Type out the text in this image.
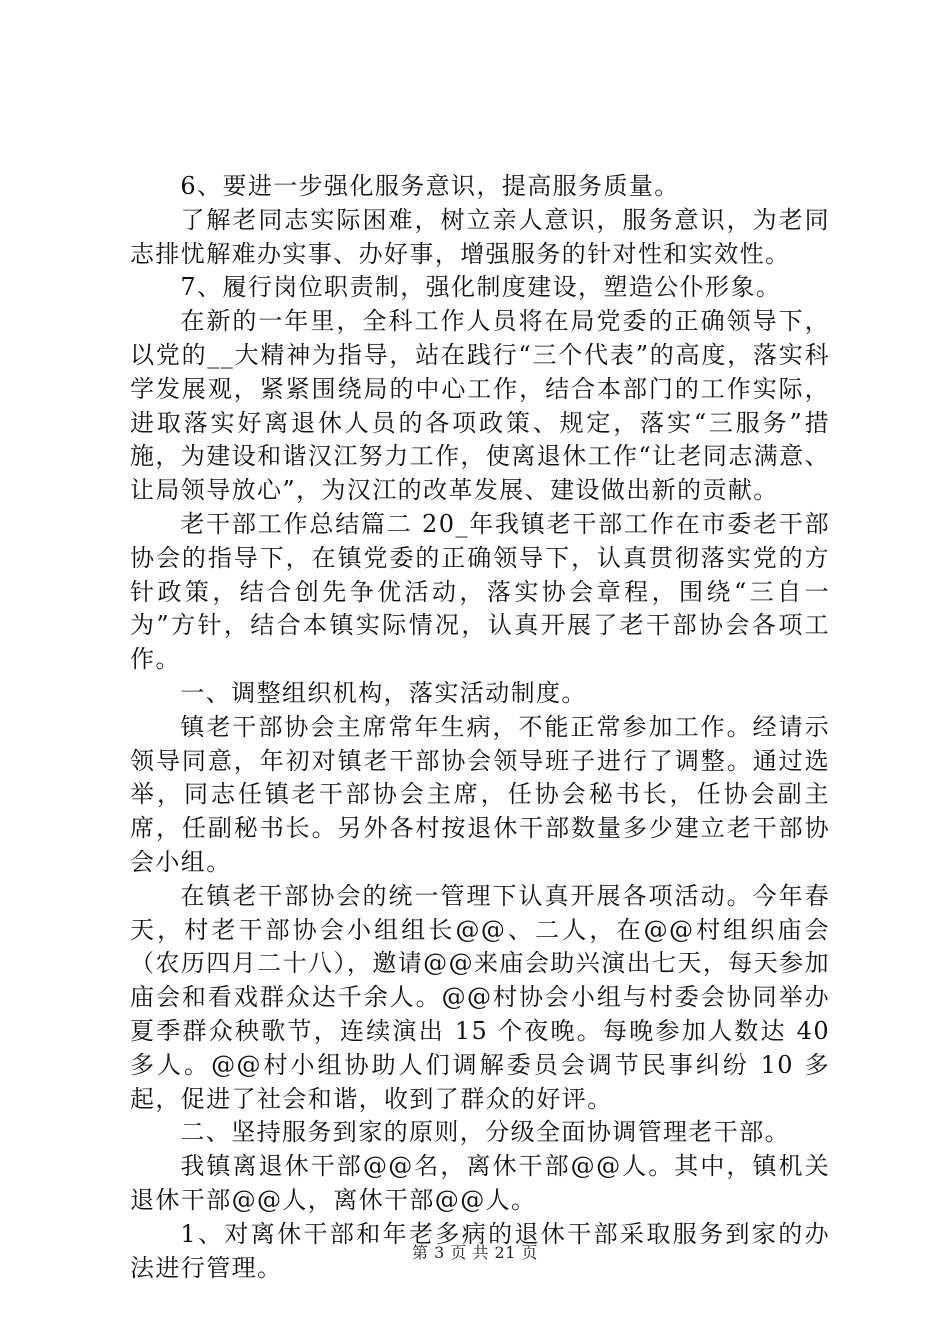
6、要进一步强化服务意识，提高服务质量。

了解老同志实际困难，树立亲人意识，服务意识，为老同志排忧解难办实事、办好事，增强服务的针对性和实效性。

7、履行岗位职责制，强化制度建设，塑造公仆形象。

在新的一年里，全科工作人员将在局党委的正确领导下，以党的__大精神为指导，站在践行“三个代表”的高度，落实科学发展观，紧紧围绕局的中心工作，结合本部门的工作实际，进取落实好离退休人员的各项政策、规定，落实“三服务”措施，为建设和谐汉江努力工作，使离退休工作“让老同志满意、让局领导放心”，为汉江的改革发展、建设做出新的贡献。

老干部工作总结篇二 20_年我镇老干部工作在市委老干部协会的指导下，在镇党委的正确领导下，认真贯彻落实党的方针政策，结合创先争优活动，落实协会章程，围绕“三自一为”方针，结合本镇实际情况，认真开展了老干部协会各项工作。

一、调整组织机构，落实活动制度。

镇老干部协会主席常年生病，不能正常参加工作。经请示领导同意，年初对镇老干部协会领导班子进行了调整。通过选举，同志任镇老干部协会主席，任协会秘书长，任协会副主席，任副秘书长。另外各村按退休干部数量多少建立老干部协会小组。

在镇老干部协会的统一管理下认真开展各项活动。今年春天，村老干部协会小组组长@@、二人，在@@村组织庙会（农历四月二十八），邀请@@来庙会助兴演出七天，每天参加庙会和看戏群众达千余人。@@村协会小组与村委会协同举办夏季群众秧歌节，连续演出 15 个夜晚。每晚参加人数达 40 多人。@@村小组协助人们调解委员会调节民事纠纷 10 多起，促进了社会和谐，收到了群众的好评。

二、坚持服务到家的原则，分级全面协调管理老干部。

我镇离退休干部@@名，离休干部@@人。其中，镇机关退休干部@@人，离休干部@@人。

1、对离休干部和年老多病的退休干部采取服务到家的办法进行管理。

第 3 页 共 21 页
